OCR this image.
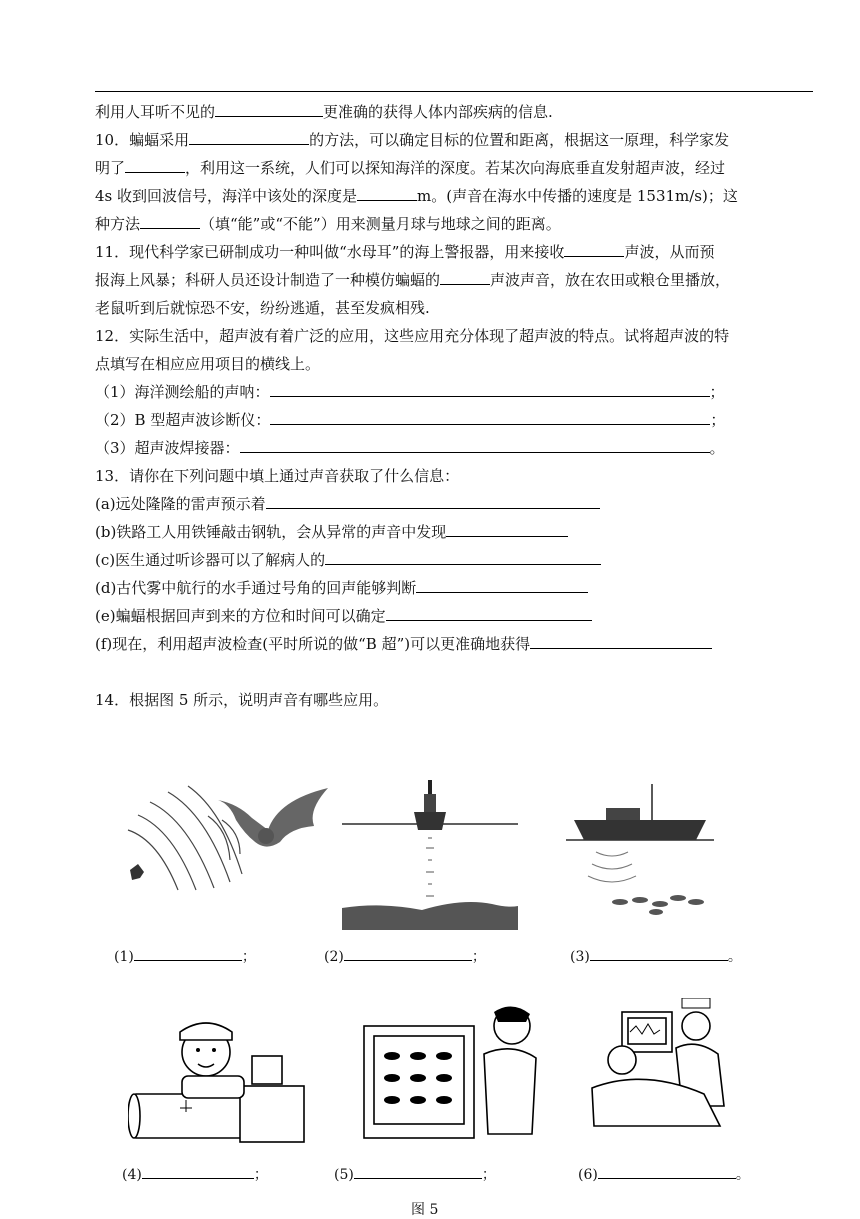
利用人耳听不见的	更准确的获得人体内部疾病的信息.
10．蝙蝠采用	的方法，可以确定目标的位置和距离，根据这一原理，科学家发
明了	，利用这一系统，人们可以探知海洋的深度。若某次向海底垂直发射超声波，经过
4s 收到回波信号，海洋中该处的深度是	m。(声音在海水中传播的速度是 1531m/s)；这
种方法	（填“能”或“不能”）用来测量月球与地球之间的距离。
11．现代科学家已研制成功一种叫做“水母耳”的海上警报器，用来接收	声波，从而预
报海上风暴；科研人员还设计制造了一种模仿蝙蝠的	声波声音，放在农田或粮仓里播放，
老鼠听到后就惊恐不安，纷纷逃遁，甚至发疯相残.
12．实际生活中，超声波有着广泛的应用，这些应用充分体现了超声波的特点。试将超声波的特
点填写在相应应用项目的横线上。
（1）海洋测绘船的声呐：	；
（2）B 型超声波诊断仪：	；
（3）超声波焊接器：	。
13．请你在下列问题中填上通过声音获取了什么信息：
(a)远处隆隆的雷声预示着
(b)铁路工人用铁锤敲击钢轨，会从异常的声音中发现
(c)医生通过听诊器可以了解病人的
(d)古代雾中航行的水手通过号角的回声能够判断
(e)蝙蝠根据回声到来的方位和时间可以确定
(f)现在，利用超声波检查(平时所说的做“B 超”)可以更准确地获得
14．根据图 5 所示，说明声音有哪些应用。
(1)	；	(2)	；	(3)	。
(4)	；	(5)	；	(6)	。
图 5
